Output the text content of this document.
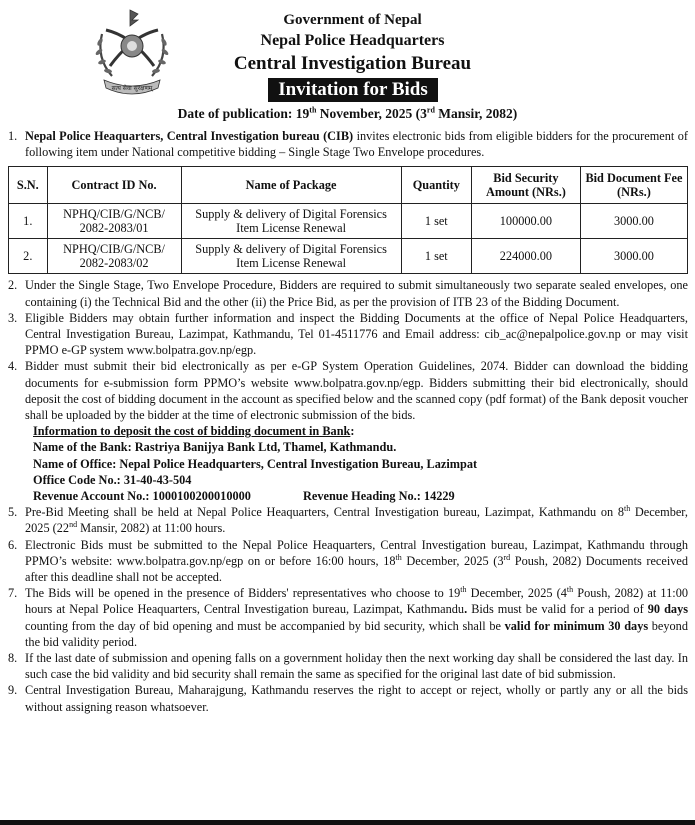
सत्य सेवा सुरक्षणम्
Government of Nepal
Nepal Police Headquarters
Central Investigation Bureau
Invitation for Bids
Date of publication: 19th November, 2025 (3rd Mansir, 2082)
1. Nepal Police Heaquarters, Central Investigation bureau (CIB) invites electronic bids from eligible bidders for the procurement of following item under National competitive bidding – Single Stage Two Envelope procedures.
S.N.	Contract ID No.	Name of Package	Quantity	Bid Security Amount (NRs.)	Bid Document Fee (NRs.)
1.	NPHQ/CIB/G/NCB/ 2082-2083/01	Supply & delivery of Digital Forensics Item License Renewal	1 set	100000.00	3000.00
2.	NPHQ/CIB/G/NCB/ 2082-2083/02	Supply & delivery of Digital Forensics Item License Renewal	1 set	224000.00	3000.00
2. Under the Single Stage, Two Envelope Procedure, Bidders are required to submit simultaneously two separate sealed envelopes, one containing (i) the Technical Bid and the other (ii) the Price Bid, as per the provision of ITB 23 of the Bidding Document.
3. Eligible Bidders may obtain further information and inspect the Bidding Documents at the office of Nepal Police Headquarters, Central Investigation Bureau, Lazimpat, Kathmandu, Tel 01-4511776 and Email address: cib_ac@nepalpolice.gov.np or may visit PPMO e-GP system www.bolpatra.gov.np/egp.
4. Bidder must submit their bid electronically as per e-GP System Operation Guidelines, 2074. Bidder can download the bidding documents for e-submission form PPMO’s website www.bolpatra.gov.np/egp. Bidders submitting their bid electronically, should deposit the cost of bidding document in the account as specified below and the scanned copy (pdf format) of the Bank deposit voucher shall be uploaded by the bidder at the time of electronic submission of the bids.
Information to deposit the cost of bidding document in Bank:
Name of the Bank: Rastriya Banijya Bank Ltd, Thamel, Kathmandu.
Name of Office: Nepal Police Headquarters, Central Investigation Bureau, Lazimpat
Office Code No.: 31-40-43-504
Revenue Account No.: 1000100200010000	Revenue Heading No.: 14229
5. Pre-Bid Meeting shall be held at Nepal Police Heaquarters, Central Investigation bureau, Lazimpat, Kathmandu on 8th December, 2025 (22nd Mansir, 2082) at 11:00 hours.
6. Electronic Bids must be submitted to the Nepal Police Heaquarters, Central Investigation bureau, Lazimpat, Kathmandu through PPMO’s website: www.bolpatra.gov.np/egp on or before 16:00 hours, 18th December, 2025 (3rd Poush, 2082) Documents received after this deadline shall not be accepted.
7. The Bids will be opened in the presence of Bidders' representatives who choose to 19th December, 2025 (4th Poush, 2082) at 11:00 hours at Nepal Police Heaquarters, Central Investigation bureau, Lazimpat, Kathmandu. Bids must be valid for a period of 90 days counting from the day of bid opening and must be accompanied by bid security, which shall be valid for minimum 30 days beyond the bid validity period.
8. If the last date of submission and opening falls on a government holiday then the next working day shall be considered the last day. In such case the bid validity and bid security shall remain the same as specified for the original last date of bid submission.
9. Central Investigation Bureau, Maharajgung, Kathmandu reserves the right to accept or reject, wholly or partly any or all the bids without assigning reason whatsoever.
